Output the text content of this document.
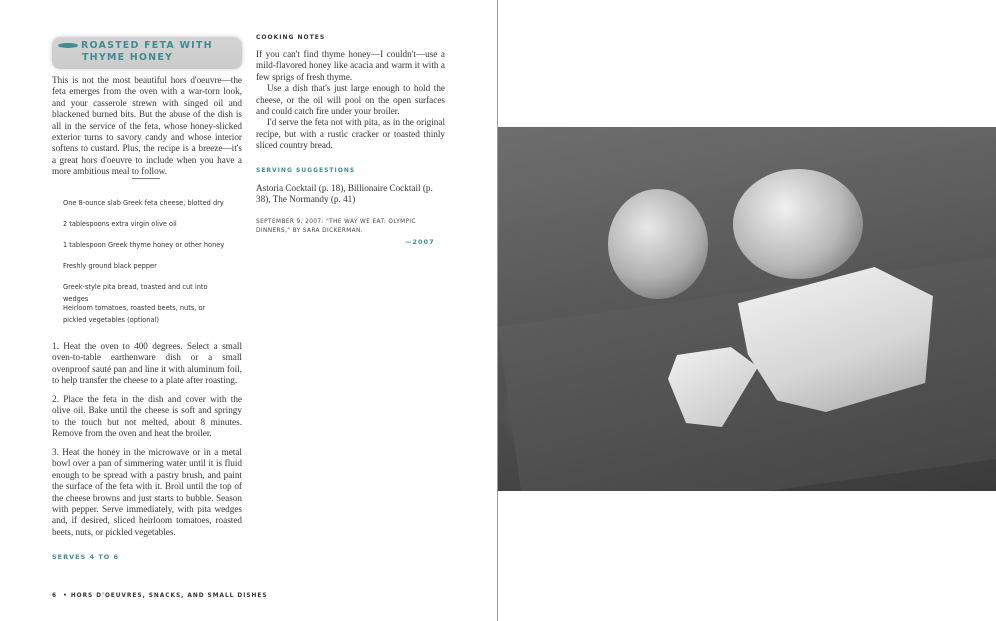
ROASTED FETA WITH
THYME HONEY

This is not the most beautiful hors d'oeuvre—the feta emerges from the oven with a war-torn look, and your casserole strewn with singed oil and blackened burned bits. But the abuse of the dish is all in the service of the feta, whose honey-slicked exterior turns to savory candy and whose interior softens to custard. Plus, the recipe is a breeze—it's a great hors d'oeuvre to include when you have a more ambitious meal to follow.

One 8-ounce slab Greek feta cheese, blotted dry
2 tablespoons extra virgin olive oil
1 tablespoon Greek thyme honey or other honey
Freshly ground black pepper
Greek-style pita bread, toasted and cut into wedges
Heirloom tomatoes, roasted beets, nuts, or pickled vegetables (optional)

1. Heat the oven to 400 degrees. Select a small oven-to-table earthenware dish or a small ovenproof sauté pan and line it with aluminum foil, to help transfer the cheese to a plate after roasting.

2. Place the feta in the dish and cover with the olive oil. Bake until the cheese is soft and springy to the touch but not melted, about 8 minutes. Remove from the oven and heat the broiler.

3. Heat the honey in the microwave or in a metal bowl over a pan of simmering water until it is fluid enough to be spread with a pastry brush, and paint the surface of the feta with it. Broil until the top of the cheese browns and just starts to bubble. Season with pepper. Serve immediately, with pita wedges and, if desired, sliced heirloom tomatoes, roasted beets, nuts, or pickled vegetables.

SERVES 4 TO 6
COOKING NOTES

If you can't find thyme honey—I couldn't—use a mild-flavored honey like acacia and warm it with a few sprigs of fresh thyme.

Use a dish that's just large enough to hold the cheese, or the oil will pool on the open surfaces and could catch fire under your broiler.

I'd serve the feta not with pita, as in the original recipe, but with a rustic cracker or toasted thinly sliced country bread.

SERVING SUGGESTIONS

Astoria Cocktail (p. 18), Billionaire Cocktail (p. 38), The Normandy (p. 41)

SEPTEMBER 9, 2007: "THE WAY WE EAT: OLYMPIC DINNERS," BY SARA DICKERMAN.

—2007
6 • HORS D'OEUVRES, SNACKS, AND SMALL DISHES
